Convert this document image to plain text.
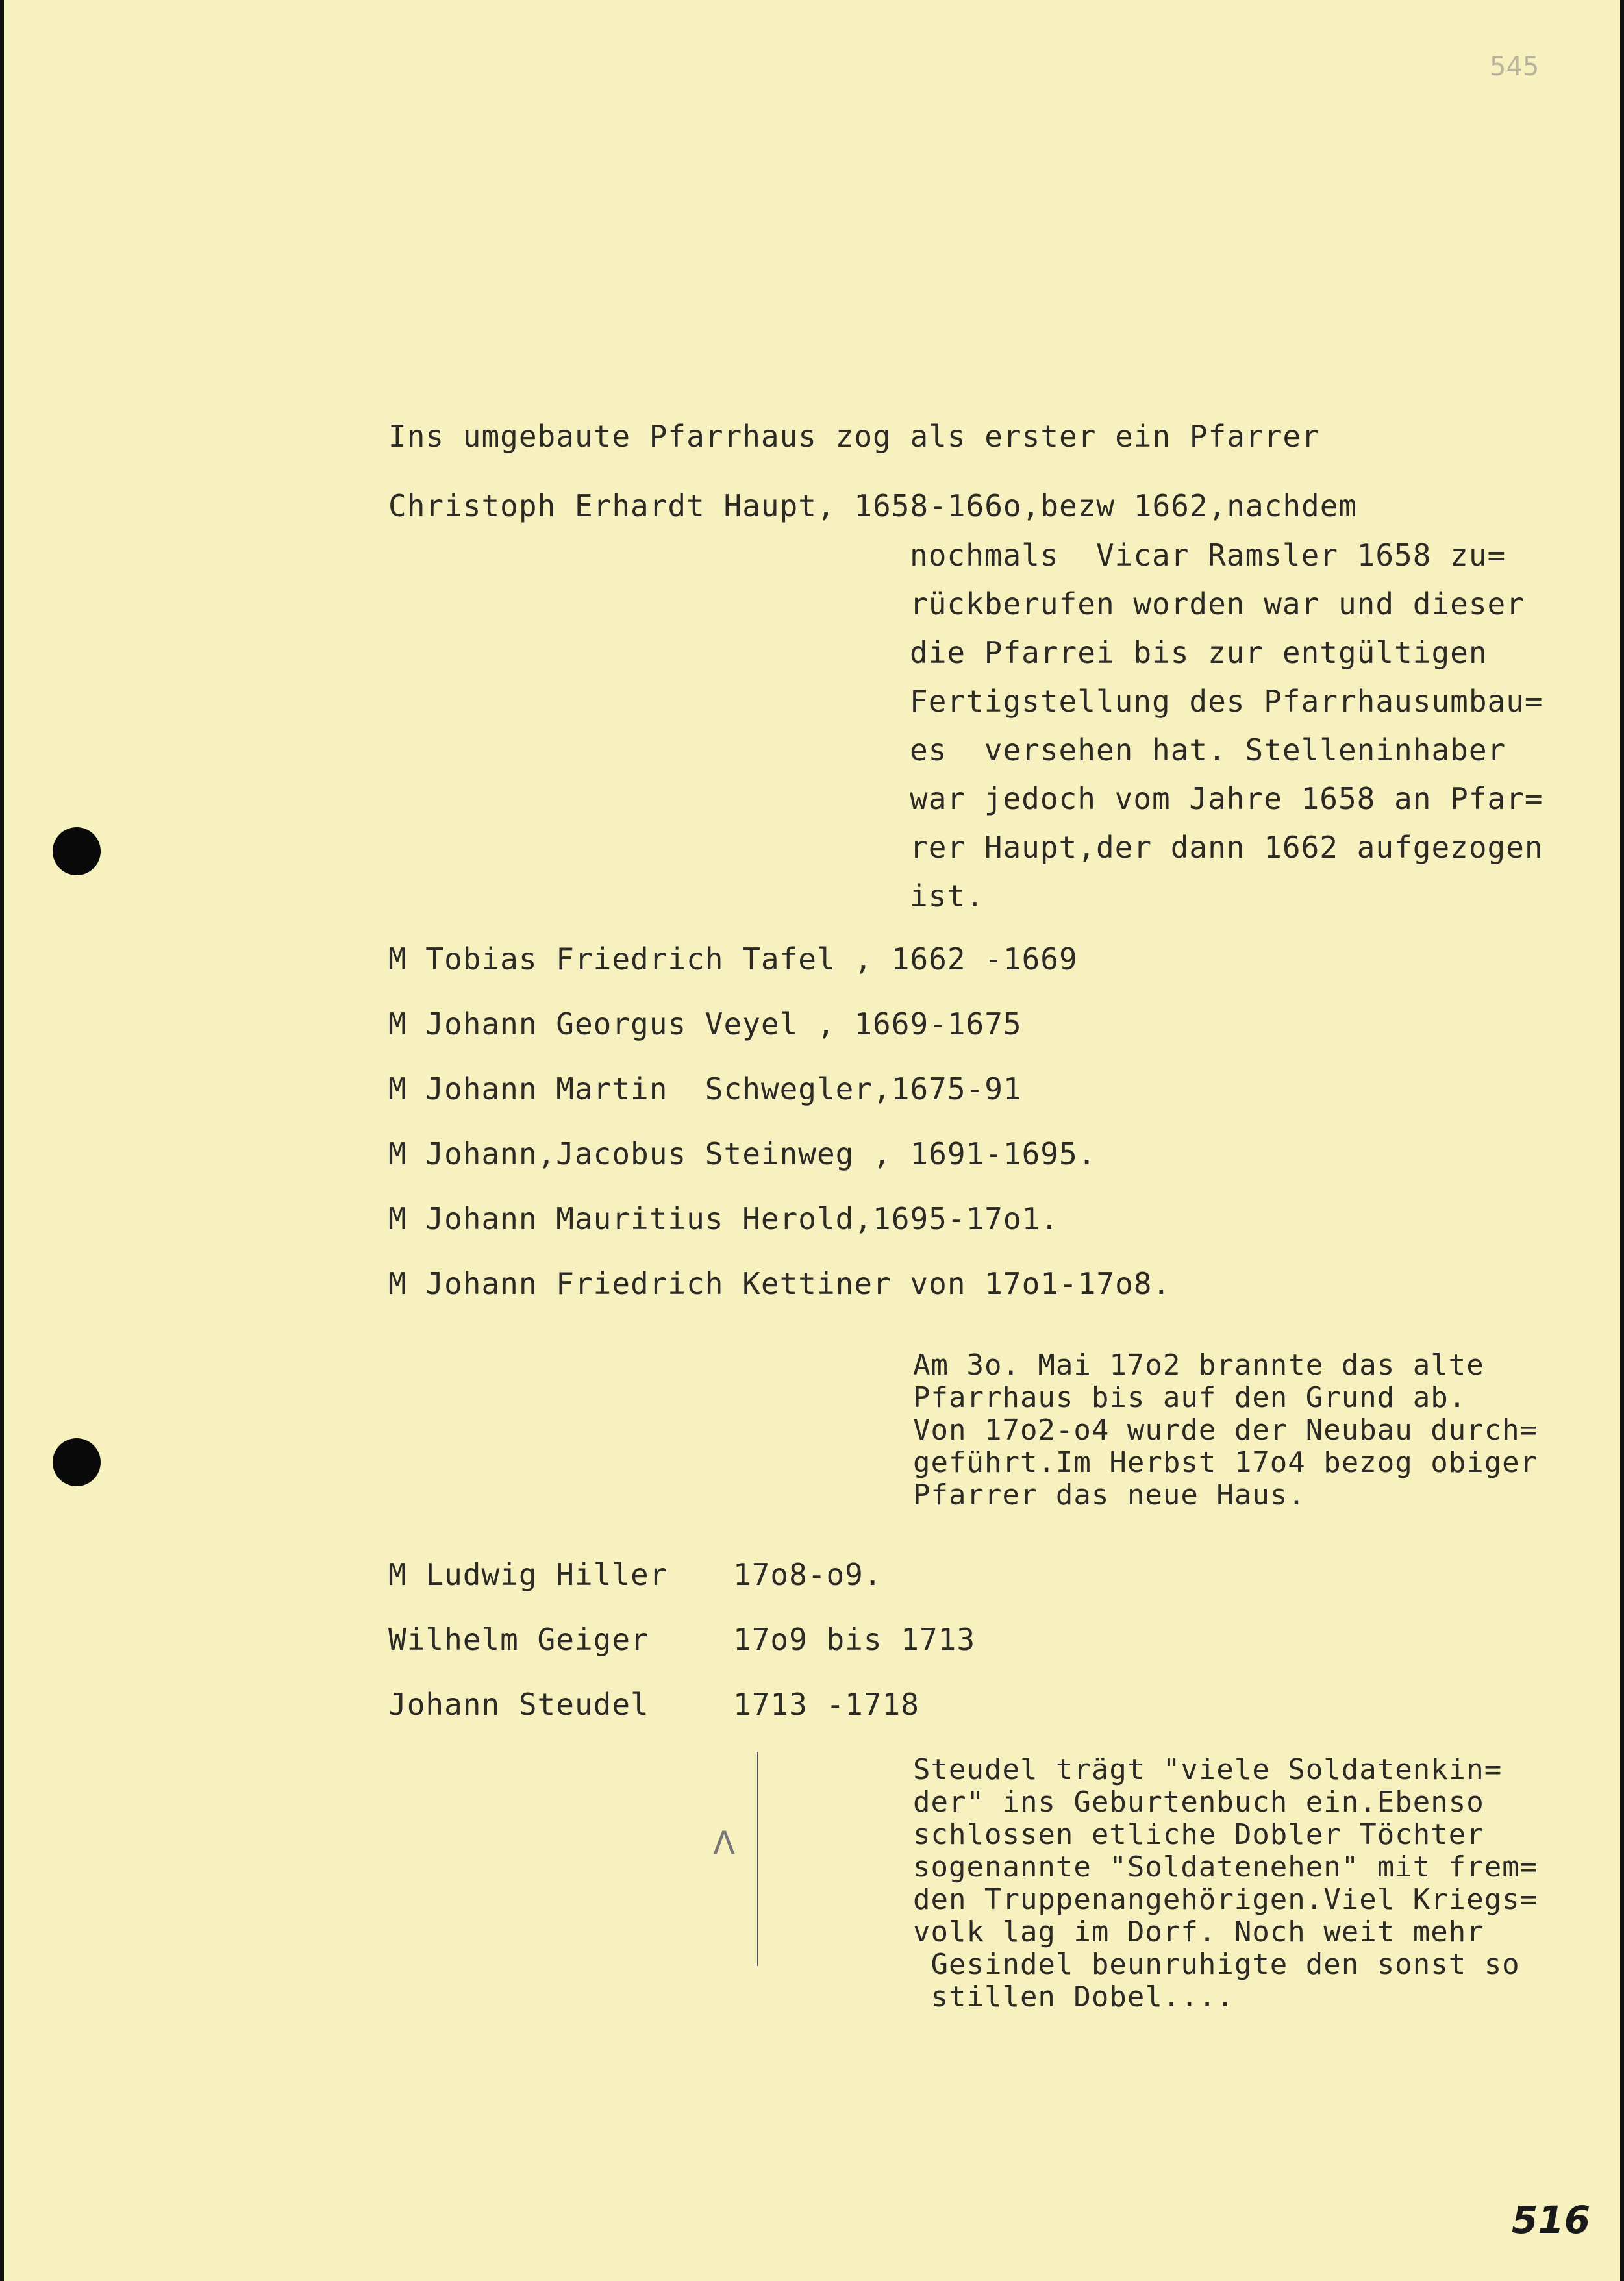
545
Ins umgebaute Pfarrhaus zog als erster ein Pfarrer
Christoph Erhardt Haupt, 1658-166o,bezw 1662,nachdem
nochmals  Vicar Ramsler 1658 zu=
rückberufen worden war und dieser
die Pfarrei bis zur entgültigen
Fertigstellung des Pfarrhausumbau=
es  versehen hat. Stelleninhaber
war jedoch vom Jahre 1658 an Pfar=
rer Haupt,der dann 1662 aufgezogen
ist.
M Tobias Friedrich Tafel , 1662 -1669
M Johann Georgus Veyel , 1669-1675
M Johann Martin  Schwegler,1675-91
M Johann,Jacobus Steinweg , 1691-1695.
M Johann Mauritius Herold,1695-17o1.
M Johann Friedrich Kettiner von 17o1-17o8.
Am 3o. Mai 17o2 brannte das alte
Pfarrhaus bis auf den Grund ab.
Von 17o2-o4 wurde der Neubau durch=
geführt.Im Herbst 17o4 bezog obiger
Pfarrer das neue Haus.
M Ludwig Hiller 17o8-o9.
Wilhelm Geiger	17o9 bis 1713
Johann Steudel	1713 -1718
Λ
Steudel trägt "viele Soldatenkin=
der" ins Geburtenbuch ein.Ebenso
schlossen etliche Dobler Töchter
sogenannte "Soldatenehen" mit frem=
den Truppenangehörigen.Viel Kriegs=
volk lag im Dorf. Noch weit mehr
Gesindel beunruhigte den sonst so
stillen Dobel....
516
